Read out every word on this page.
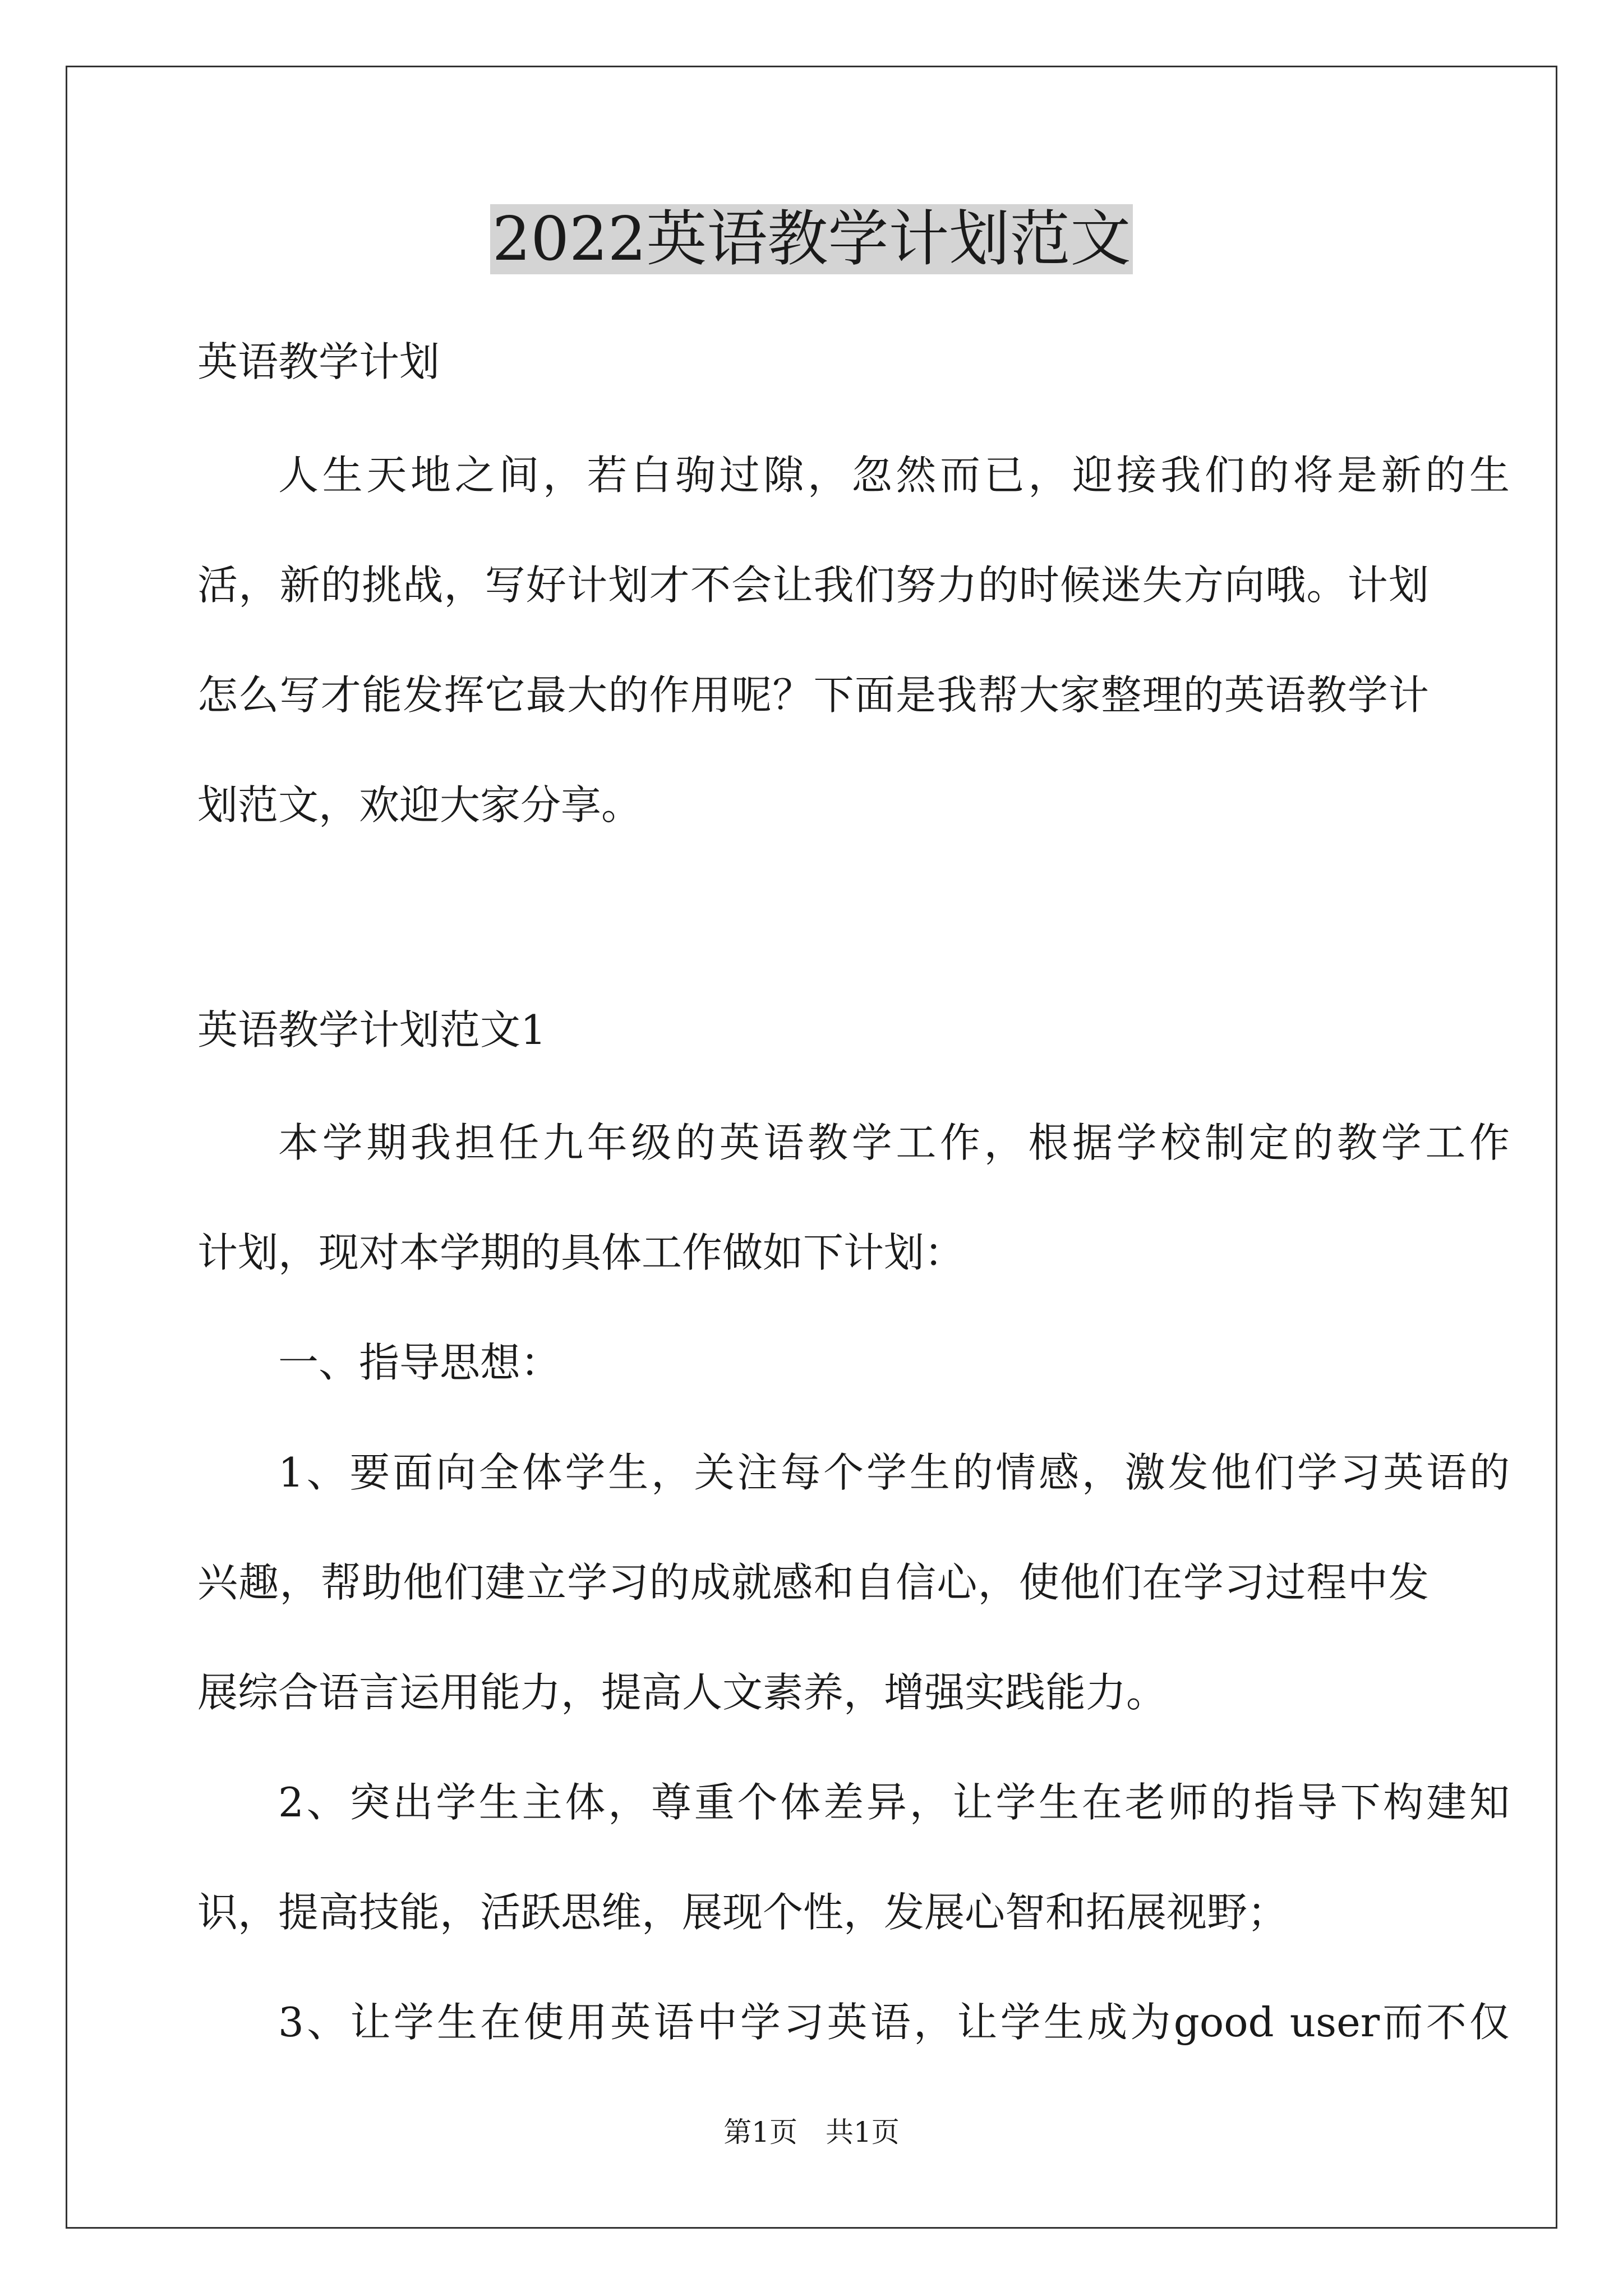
2022英语教学计划范文
英语教学计划
人生天地之间，若白驹过隙，忽然而已，迎接我们的将是新的生
活，新的挑战，写好计划才不会让我们努力的时候迷失方向哦。计划
怎么写才能发挥它最大的作用呢？下面是我帮大家整理的英语教学计
划范文，欢迎大家分享。
英语教学计划范文1
本学期我担任九年级的英语教学工作，根据学校制定的教学工作
计划，现对本学期的具体工作做如下计划：
一、指导思想：
1、要面向全体学生，关注每个学生的情感，激发他们学习英语的
兴趣，帮助他们建立学习的成就感和自信心，使他们在学习过程中发
展综合语言运用能力，提高人文素养，增强实践能力。
2、突出学生主体，尊重个体差异，让学生在老师的指导下构建知
识，提高技能，活跃思维，展现个性，发展心智和拓展视野；
3、让学生在使用英语中学习英语，让学生成为good user而不仅
第1页 共1页
